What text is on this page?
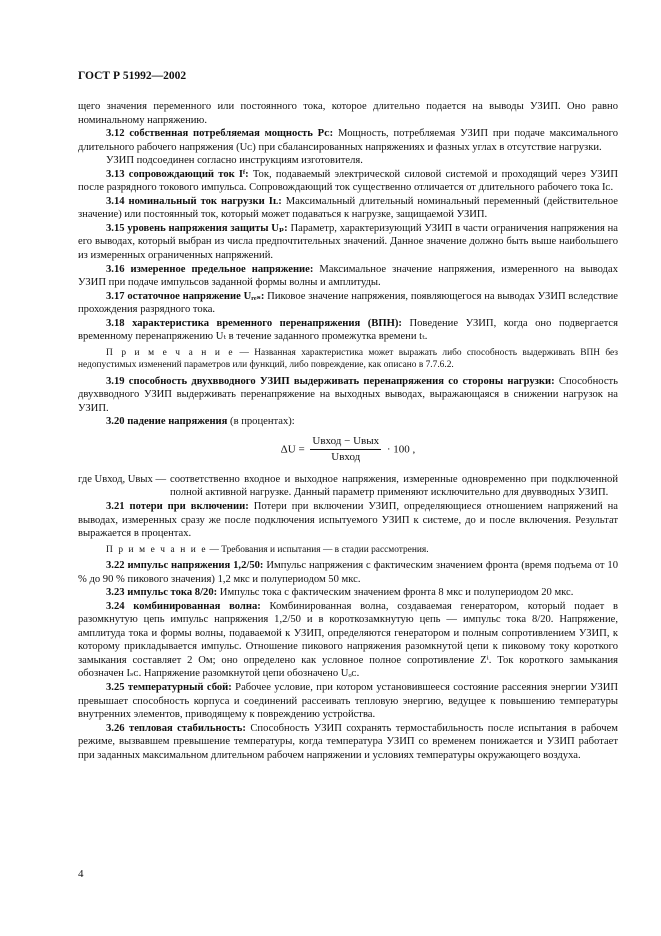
ГОСТ Р 51992—2002

щего значения переменного или постоянного тока, которое длительно подается на выводы УЗИП. Оно равно номинальному напряжению.

3.12 собственная потребляемая мощность Pᴄ: Мощность, потребляемая УЗИП при подаче максимального длительного рабочего напряжения (Uᴄ) при сбалансированных напряжениях и фазных углах в отсутствие нагрузки.

УЗИП подсоединен согласно инструкциям изготовителя.

3.13 сопровождающий ток Iᶠ: Ток, подаваемый электрической силовой системой и проходящий через УЗИП после разрядного токового импульса. Сопровождающий ток существенно отличается от длительного рабочего тока Iᴄ.

3.14 номинальный ток нагрузки Iʟ: Максимальный длительный номинальный переменный (действительное значение) или постоянный ток, который может подаваться к нагрузке, защищаемой УЗИП.

3.15 уровень напряжения защиты Uₚ: Параметр, характеризующий УЗИП в части ограничения напряжения на его выводах, который выбран из числа предпочтительных значений. Данное значение должно быть выше наибольшего из измеренных ограниченных напряжений.

3.16 измеренное предельное напряжение: Максимальное значение напряжения, измеренного на выводах УЗИП при подаче импульсов заданной формы волны и амплитуды.

3.17 остаточное напряжение Uᵣₑₛ: Пиковое значение напряжения, появляющегося на выводах УЗИП вследствие прохождения разрядного тока.

3.18 характеристика временного перенапряжения (ВПН): Поведение УЗИП, когда оно подвергается временному перенапряжению Uₜ в течение заданного промежутка времени tₜ.

П р и м е ч а н и е — Названная характеристика может выражать либо способность выдерживать ВПН без недопустимых изменений параметров или функций, либо повреждение, как описано в 7.7.6.2.

3.19 способность двухвводного УЗИП выдерживать перенапряжения со стороны нагрузки: Способность двухвводного УЗИП выдерживать перенапряжение на выходных выводах, выражающаяся в снижении нагрузок на УЗИП.

3.20 падение напряжения (в процентах):

$\Delta U = \frac{\text{Uвход − Uвых}}{\text{Uвход}} \cdot 100$ ,
где Uвход, Uвых — соответственно входное и выходное напряжения, измеренные одновременно при подключенной полной активной нагрузке. Данный параметр применяют исключительно для двувводных УЗИП.

3.21 потери при включении: Потери при включении УЗИП, определяющиеся отношением напряжений на выводах, измеренных сразу же после подключения испытуемого УЗИП к системе, до и после включения. Результат выражается в процентах.

П р и м е ч а н и е — Требования и испытания — в стадии рассмотрения.

3.22 импульс напряжения 1,2/50: Импульс напряжения с фактическим значением фронта (время подъема от 10 % до 90 % пикового значения) 1,2 мкс и полупериодом 50 мкс.

3.23 импульс тока 8/20: Импульс тока с фактическим значением фронта 8 мкс и полупериодом 20 мкс.

3.24 комбинированная волна: Комбинированная волна, создаваемая генератором, который подает в разомкнутую цепь импульс напряжения 1,2/50 и в короткозамкнутую цепь — импульс тока 8/20. Напряжение, амплитуда тока и формы волны, подаваемой к УЗИП, определяются генератором и полным сопротивлением УЗИП, к которому прикладывается импульс. Отношение пикового напряжения разомкнутой цепи к пиковому току короткого замыкания составляет 2 Ом; оно определено как условное полное сопротивление Zⁱ. Ток короткого замыкания обозначен Iₛᴄ. Напряжение разомкнутой цепи обозначено Uₒᴄ.

3.25 температурный сбой: Рабочее условие, при котором установившееся состояние рассеяния энергии УЗИП превышает способность корпуса и соединений рассеивать тепловую энергию, ведущее к повышению температуры внутренних элементов, приводящему к повреждению устройства.

3.26 тепловая стабильность: Способность УЗИП сохранять термостабильность после испытания в рабочем режиме, вызвавшем превышение температуры, когда температура УЗИП со временем понижается и УЗИП работает при заданных максимальном длительном рабочем напряжении и условиях температуры окружающего воздуха.

4
